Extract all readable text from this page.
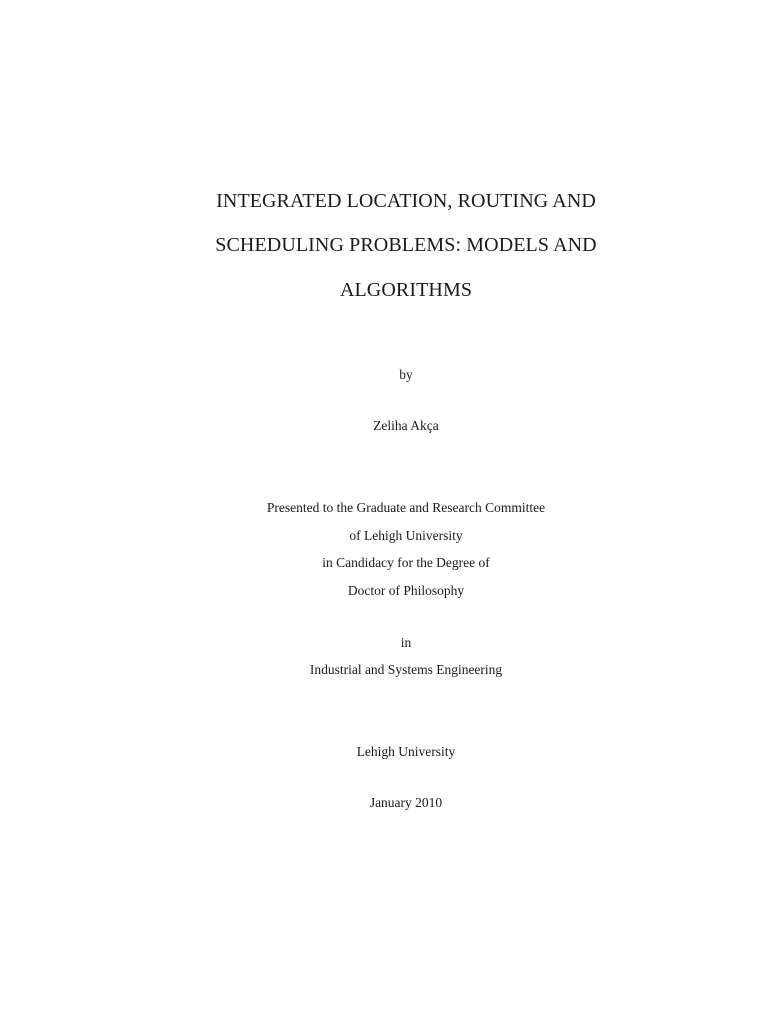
INTEGRATED LOCATION, ROUTING AND
SCHEDULING PROBLEMS: MODELS AND
ALGORITHMS
by
Zeliha Akça
Presented to the Graduate and Research Committee
of Lehigh University
in Candidacy for the Degree of
Doctor of Philosophy
in
Industrial and Systems Engineering
Lehigh University
January 2010
